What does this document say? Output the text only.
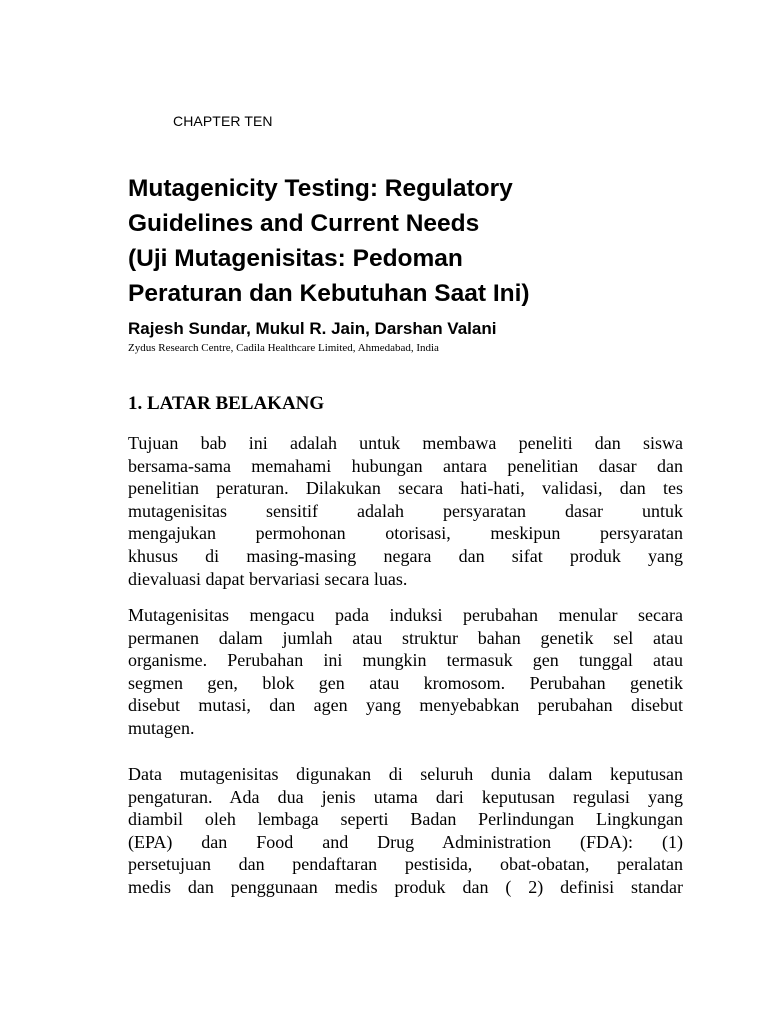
CHAPTER TEN
Mutagenicity Testing: Regulatory
Guidelines and Current Needs
(Uji Mutagenisitas: Pedoman
Peraturan dan Kebutuhan Saat Ini)
Rajesh Sundar, Mukul R. Jain, Darshan Valani
Zydus Research Centre, Cadila Healthcare Limited, Ahmedabad, India
1. LATAR BELAKANG

Tujuan bab ini adalah untuk membawa peneliti dan siswa
bersama-sama memahami hubungan antara penelitian dasar dan
penelitian peraturan. Dilakukan secara hati-hati, validasi, dan tes
mutagenisitas sensitif adalah persyaratan dasar untuk
mengajukan permohonan otorisasi, meskipun persyaratan
khusus di masing-masing negara dan sifat produk yang
dievaluasi dapat bervariasi secara luas.

Mutagenisitas mengacu pada induksi perubahan menular secara
permanen dalam jumlah atau struktur bahan genetik sel atau
organisme. Perubahan ini mungkin termasuk gen tunggal atau
segmen gen, blok gen atau kromosom. Perubahan genetik
disebut mutasi, dan agen yang menyebabkan perubahan disebut
mutagen.

Data mutagenisitas digunakan di seluruh dunia dalam keputusan
pengaturan. Ada dua jenis utama dari keputusan regulasi yang
diambil oleh lembaga seperti Badan Perlindungan Lingkungan
(EPA) dan Food and Drug Administration (FDA): (1)
persetujuan dan pendaftaran pestisida, obat-obatan, peralatan
medis dan penggunaan medis produk dan ( 2) definisi standar
